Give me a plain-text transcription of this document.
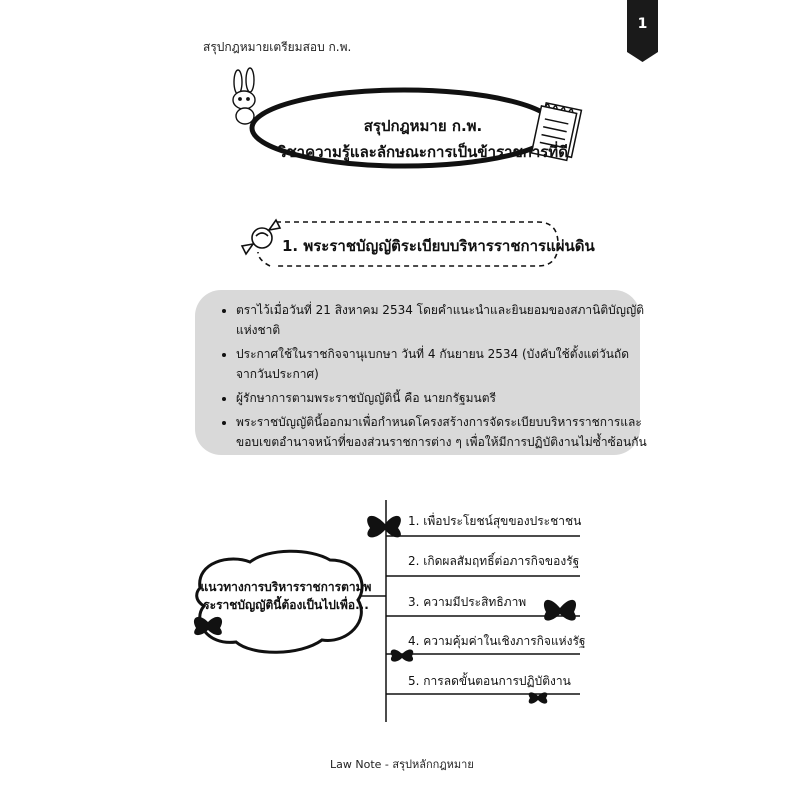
สรุปกฎหมายเตรียมสอบ ก.พ.
1
สรุปกฎหมาย ก.พ.
วิชาความรู้และลักษณะการเป็นข้าราชการที่ดี
1. พระราชบัญญัติระเบียบบริหารราชการแผ่นดิน
• ตราไว้เมื่อวันที่ 21 สิงหาคม 2534 โดยคำแนะนำและยินยอมของสภานิติบัญญัติแห่งชาติ
• ประกาศใช้ในราชกิจจานุเบกษา วันที่ 4 กันยายน 2534 (บังคับใช้ตั้งแต่วันถัดจากวันประกาศ)
• ผู้รักษาการตามพระราชบัญญัตินี้ คือ นายกรัฐมนตรี
• พระราชบัญญัตินี้ออกมาเพื่อกำหนดโครงสร้างการจัดระเบียบบริหารราชการและขอบเขตอำนาจหน้าที่ของส่วนราชการต่าง ๆ เพื่อให้มีการปฏิบัติงานไม่ซ้ำซ้อนกัน
แนวทางการบริหารราชการตามพระราชบัญญัตินี้ต้องเป็นไปเพื่อ...
1. เพื่อประโยชน์สุขของประชาชน
2. เกิดผลสัมฤทธิ์ต่อภารกิจของรัฐ
3. ความมีประสิทธิภาพ
4. ความคุ้มค่าในเชิงภารกิจแห่งรัฐ
5. การลดขั้นตอนการปฏิบัติงาน
Law Note - สรุปหลักกฎหมาย
